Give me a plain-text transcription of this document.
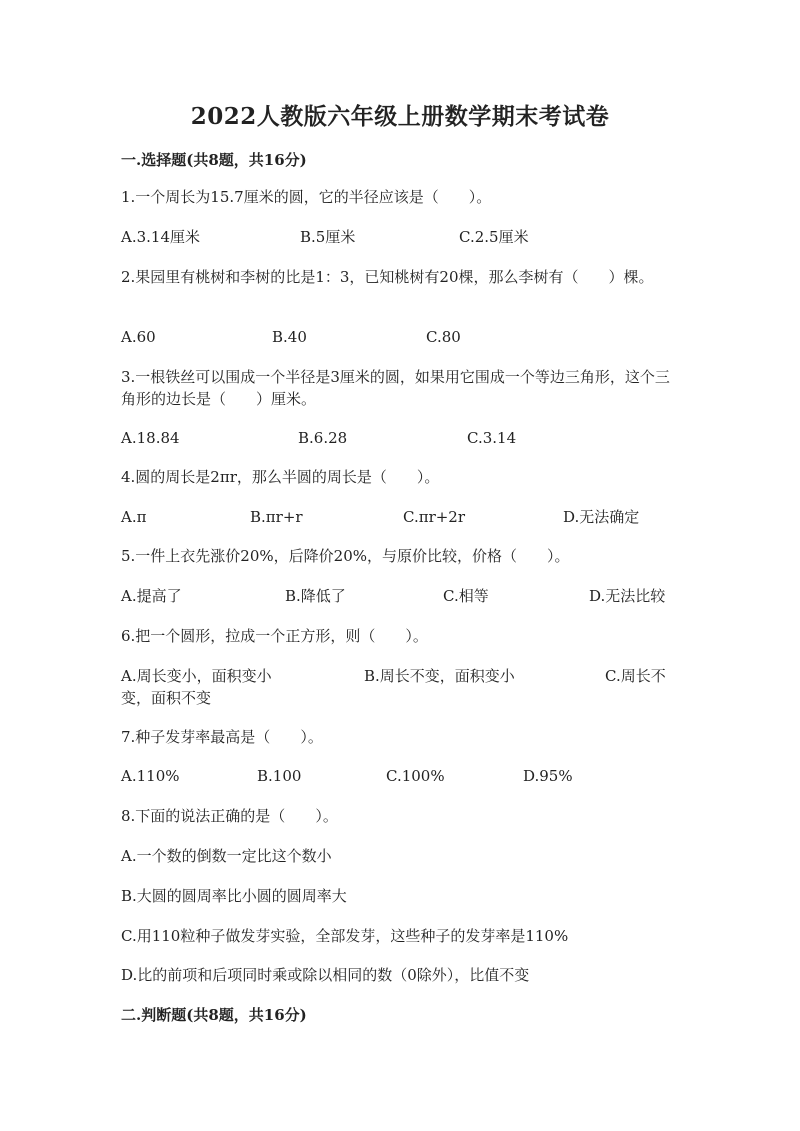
2022人教版六年级上册数学期末考试卷
一.选择题(共8题，共16分)
1.一个周长为15.7厘米的圆，它的半径应该是（　　）。
A.3.14厘米	B.5厘米	C.2.5厘米
2.果园里有桃树和李树的比是1：3，已知桃树有20棵，那么李树有（　　）棵。
A.60	B.40	C.80
3.一根铁丝可以围成一个半径是3厘米的圆，如果用它围成一个等边三角形，这个三角形的边长是（　　）厘米。
A.18.84	B.6.28	C.3.14
4.圆的周长是2πr，那么半圆的周长是（　　）。
A.π	B.πr+r	C.πr+2r	D.无法确定
5.一件上衣先涨价20%，后降价20%，与原价比较，价格（　　）。
A.提高了	B.降低了	C.相等	D.无法比较
6.把一个圆形，拉成一个正方形，则（　　）。
A.周长变小，面积变小	B.周长不变，面积变小	C.周长不变，面积不变
7.种子发芽率最高是（　　）。
A.110%	B.100	C.100%	D.95%
8.下面的说法正确的是（　　）。
A.一个数的倒数一定比这个数小
B.大圆的圆周率比小圆的圆周率大
C.用110粒种子做发芽实验，全部发芽，这些种子的发芽率是110%
D.比的前项和后项同时乘或除以相同的数（0除外），比值不变
二.判断题(共8题，共16分)
